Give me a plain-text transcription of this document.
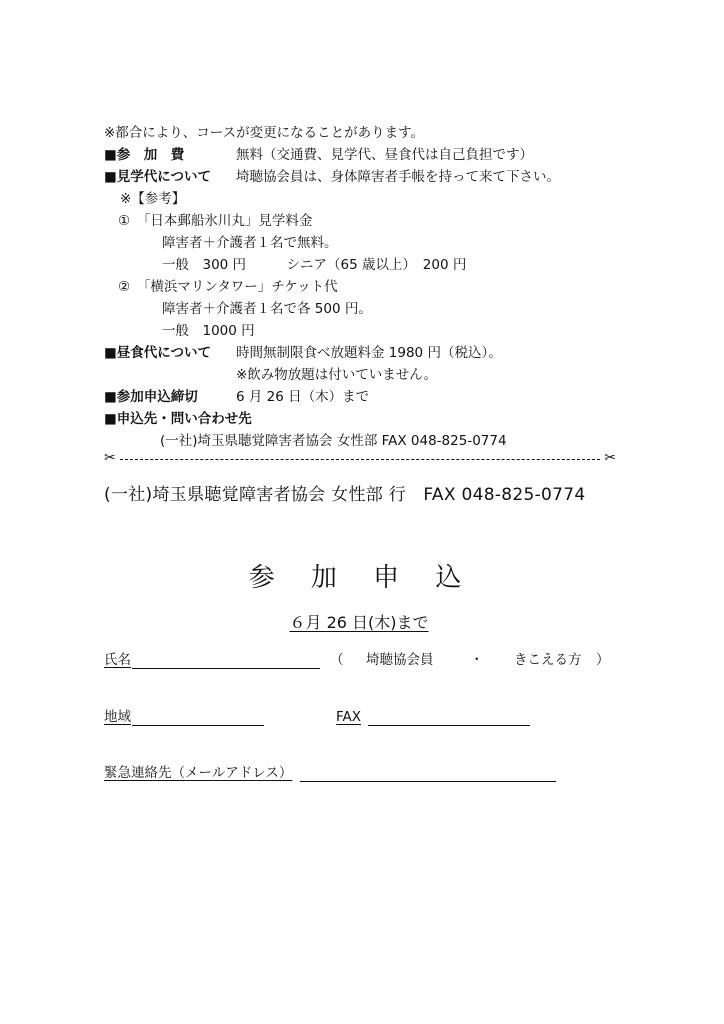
※都合により、コースが変更になることがあります。
■参　加　費	無料（交通費、見学代、昼食代は自己負担です）
■見学代について 埼聴協会員は、身体障害者手帳を持って来て下さい。
※【参考】
①　「日本郵船氷川丸」見学料金
障害者＋介護者１名で無料。
一般　300 円　　　シニア（65 歳以上）　200 円
②　「横浜マリンタワー」チケット代
障害者＋介護者１名で各 500 円。
一般　1000 円
■昼食代について 時間無制限食べ放題料金 1980 円（税込）。
※飲み物放題は付いていません。
■参加申込締切	6 月 26 日（木）まで
■申込先・問い合わせ先
(一社)埼玉県聴覚障害者協会 女性部 FAX 048-825-0774
✂	✂
(一社)埼玉県聴覚障害者協会 女性部 行　FAX 048-825-0774
参 加 申 込
６月 26 日(木)まで
氏名	（ 埼聴協会員	・ きこえる方 ）
地域	FAX
緊急連絡先（メールアドレス）
